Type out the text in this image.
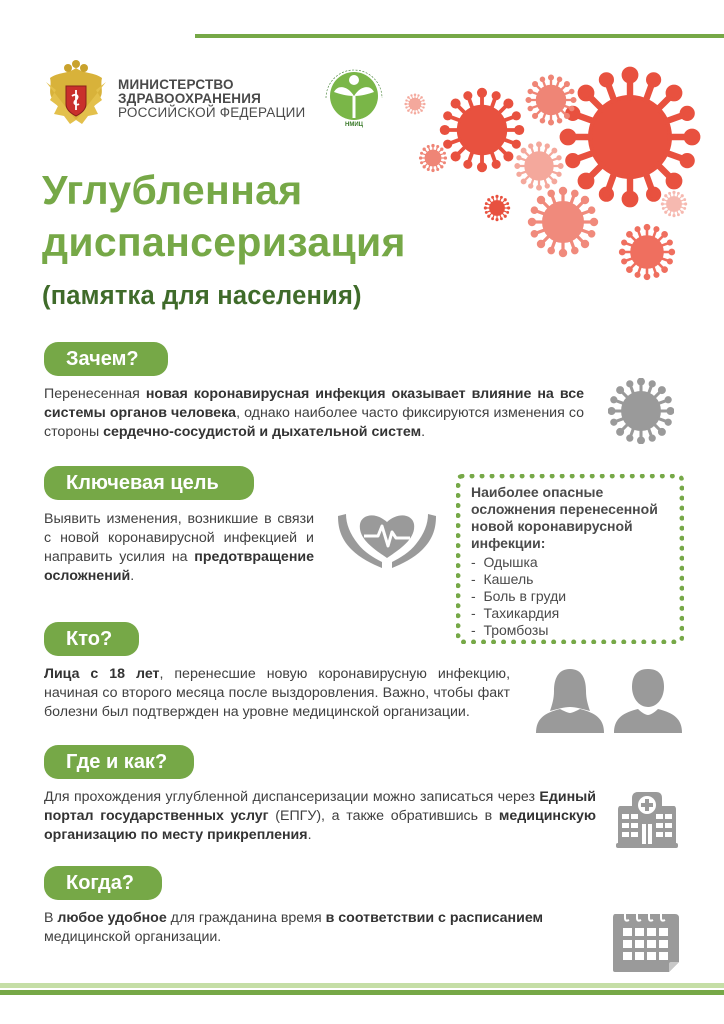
МИНИСТЕРСТВО
ЗДРАВООХРАНЕНИЯ
РОССИЙСКОЙ ФЕДЕРАЦИИ
НМИЦ
Углубленная
диспансеризация
(памятка для населения)
Зачем?
Перенесенная новая коронавирусная инфекция оказывает влияние на все системы органов человека, однако наиболее часто фиксируются изменения со стороны сердечно-сосудистой и дыхательной систем.
Ключевая цель
Выявить изменения, возникшие в связи с новой коронавирусной инфекцией и направить усилия на предотвращение осложнений.
Наиболее опасные осложнения перенесенной новой коронавирусной инфекции:
- Одышка
- Кашель
- Боль в груди
- Тахикардия
- Тромбозы
Кто?
Лица с 18 лет, перенесшие новую коронавирусную инфекцию, начиная со второго месяца после выздоровления. Важно, чтобы факт болезни был подтвержден на уровне медицинской организации.
Где и как?
Для прохождения углубленной диспансеризации можно записаться через Единый портал государственных услуг (ЕПГУ), а также обратившись в медицинскую организацию по месту прикрепления.
Когда?
В любое удобное для гражданина время в соответствии с расписанием медицинской организации.
